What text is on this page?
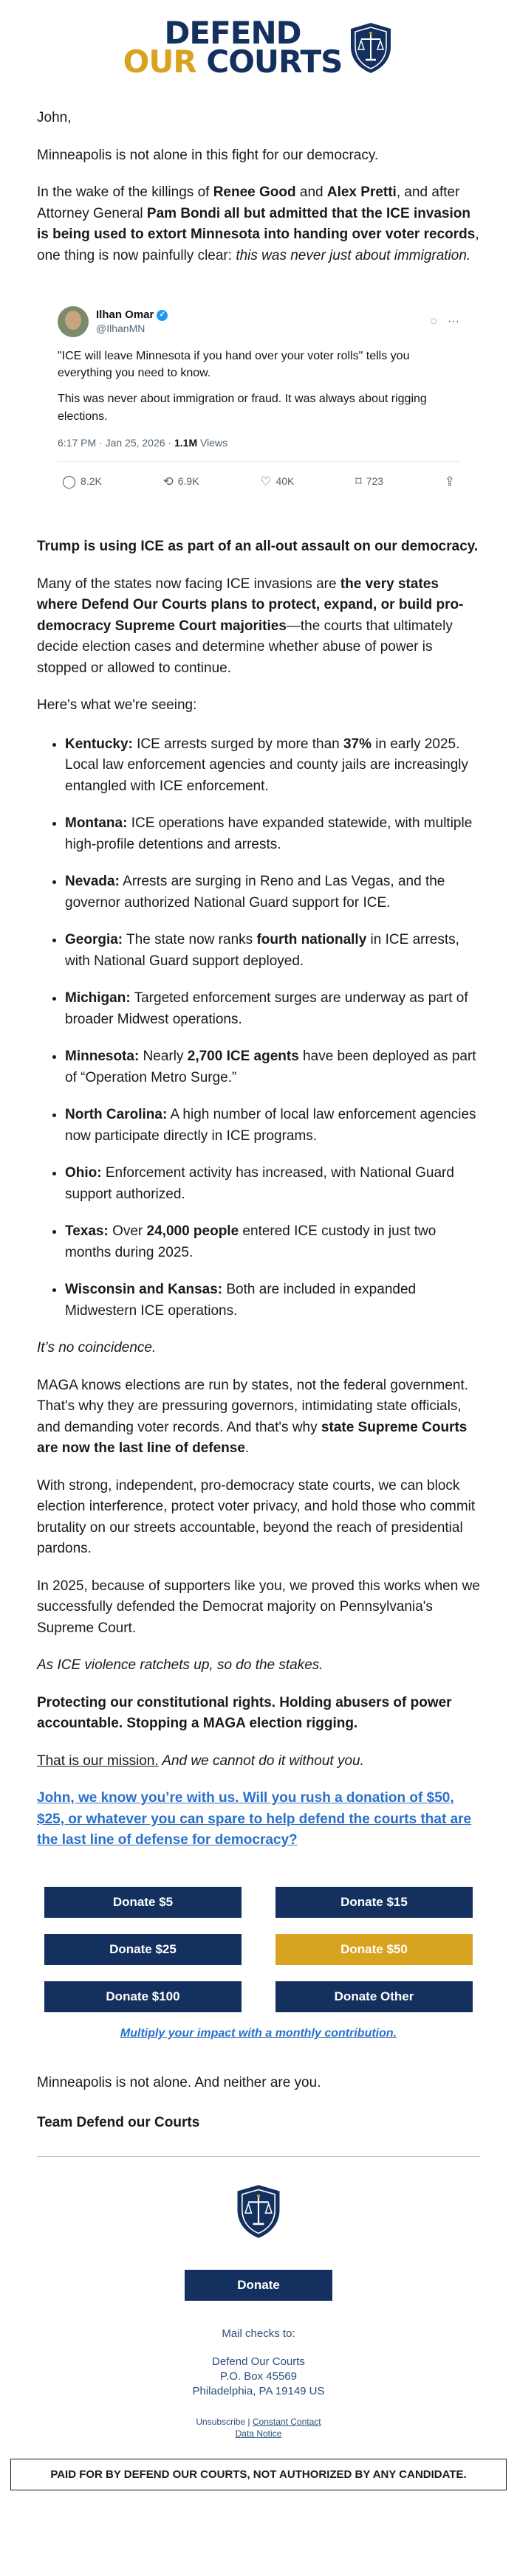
DEFEND
OUR COURTS

John,

Minneapolis is not alone in this fight for our democracy.

In the wake of the killings of Renee Good and Alex Pretti, and after Attorney General Pam Bondi all but admitted that the ICE invasion is being used to extort Minnesota into handing over voter records, one thing is now painfully clear: this was never just about immigration.

Ilhan Omar ✓
@IlhanMN
◌ ···

"ICE will leave Minnesota if you hand over your voter rolls" tells you everything you need to know.

This was never about immigration or fraud. It was always about rigging elections.

6:17 PM · Jan 25, 2026 · 1.1M Views
◯ 8.2K	⟲ 6.9K	♡ 40K	⌑ 723	⇪

Trump is using ICE as part of an all-out assault on our democracy.

Many of the states now facing ICE invasions are the very states where Defend Our Courts plans to protect, expand, or build pro-democracy Supreme Court majorities—the courts that ultimately decide election cases and determine whether abuse of power is stopped or allowed to continue.

Here's what we're seeing:

• Kentucky: ICE arrests surged by more than 37% in early 2025. Local law enforcement agencies and county jails are increasingly entangled with ICE enforcement.
• Montana: ICE operations have expanded statewide, with multiple high-profile detentions and arrests.
• Nevada: Arrests are surging in Reno and Las Vegas, and the governor authorized National Guard support for ICE.
• Georgia: The state now ranks fourth nationally in ICE arrests, with National Guard support deployed.
• Michigan: Targeted enforcement surges are underway as part of broader Midwest operations.
• Minnesota: Nearly 2,700 ICE agents have been deployed as part of “Operation Metro Surge.”
• North Carolina: A high number of local law enforcement agencies now participate directly in ICE programs.
• Ohio: Enforcement activity has increased, with National Guard support authorized.
• Texas: Over 24,000 people entered ICE custody in just two months during 2025.
• Wisconsin and Kansas: Both are included in expanded Midwestern ICE operations.

It’s no coincidence.

MAGA knows elections are run by states, not the federal government. That's why they are pressuring governors, intimidating state officials, and demanding voter records. And that's why state Supreme Courts are now the last line of defense.

With strong, independent, pro-democracy state courts, we can block election interference, protect voter privacy, and hold those who commit brutality on our streets accountable, beyond the reach of presidential pardons.

In 2025, because of supporters like you, we proved this works when we successfully defended the Democrat majority on Pennsylvania's Supreme Court.

As ICE violence ratchets up, so do the stakes.

Protecting our constitutional rights. Holding abusers of power accountable. Stopping a MAGA election rigging.

That is our mission. And we cannot do it without you.

John, we know you’re with us. Will you rush a donation of $50, $25, or whatever you can spare to help defend the courts that are the last line of defense for democracy?

Donate $5	Donate $15
Donate $25	Donate $50
Donate $100	Donate Other
Multiply your impact with a monthly contribution.

Minneapolis is not alone. And neither are you.

Team Defend our Courts

Donate
Mail checks to:
Defend Our Courts
P.O. Box 45569
Philadelphia, PA 19149 US
Unsubscribe | Constant Contact
Data Notice
PAID FOR BY DEFEND OUR COURTS, NOT AUTHORIZED BY ANY CANDIDATE.
